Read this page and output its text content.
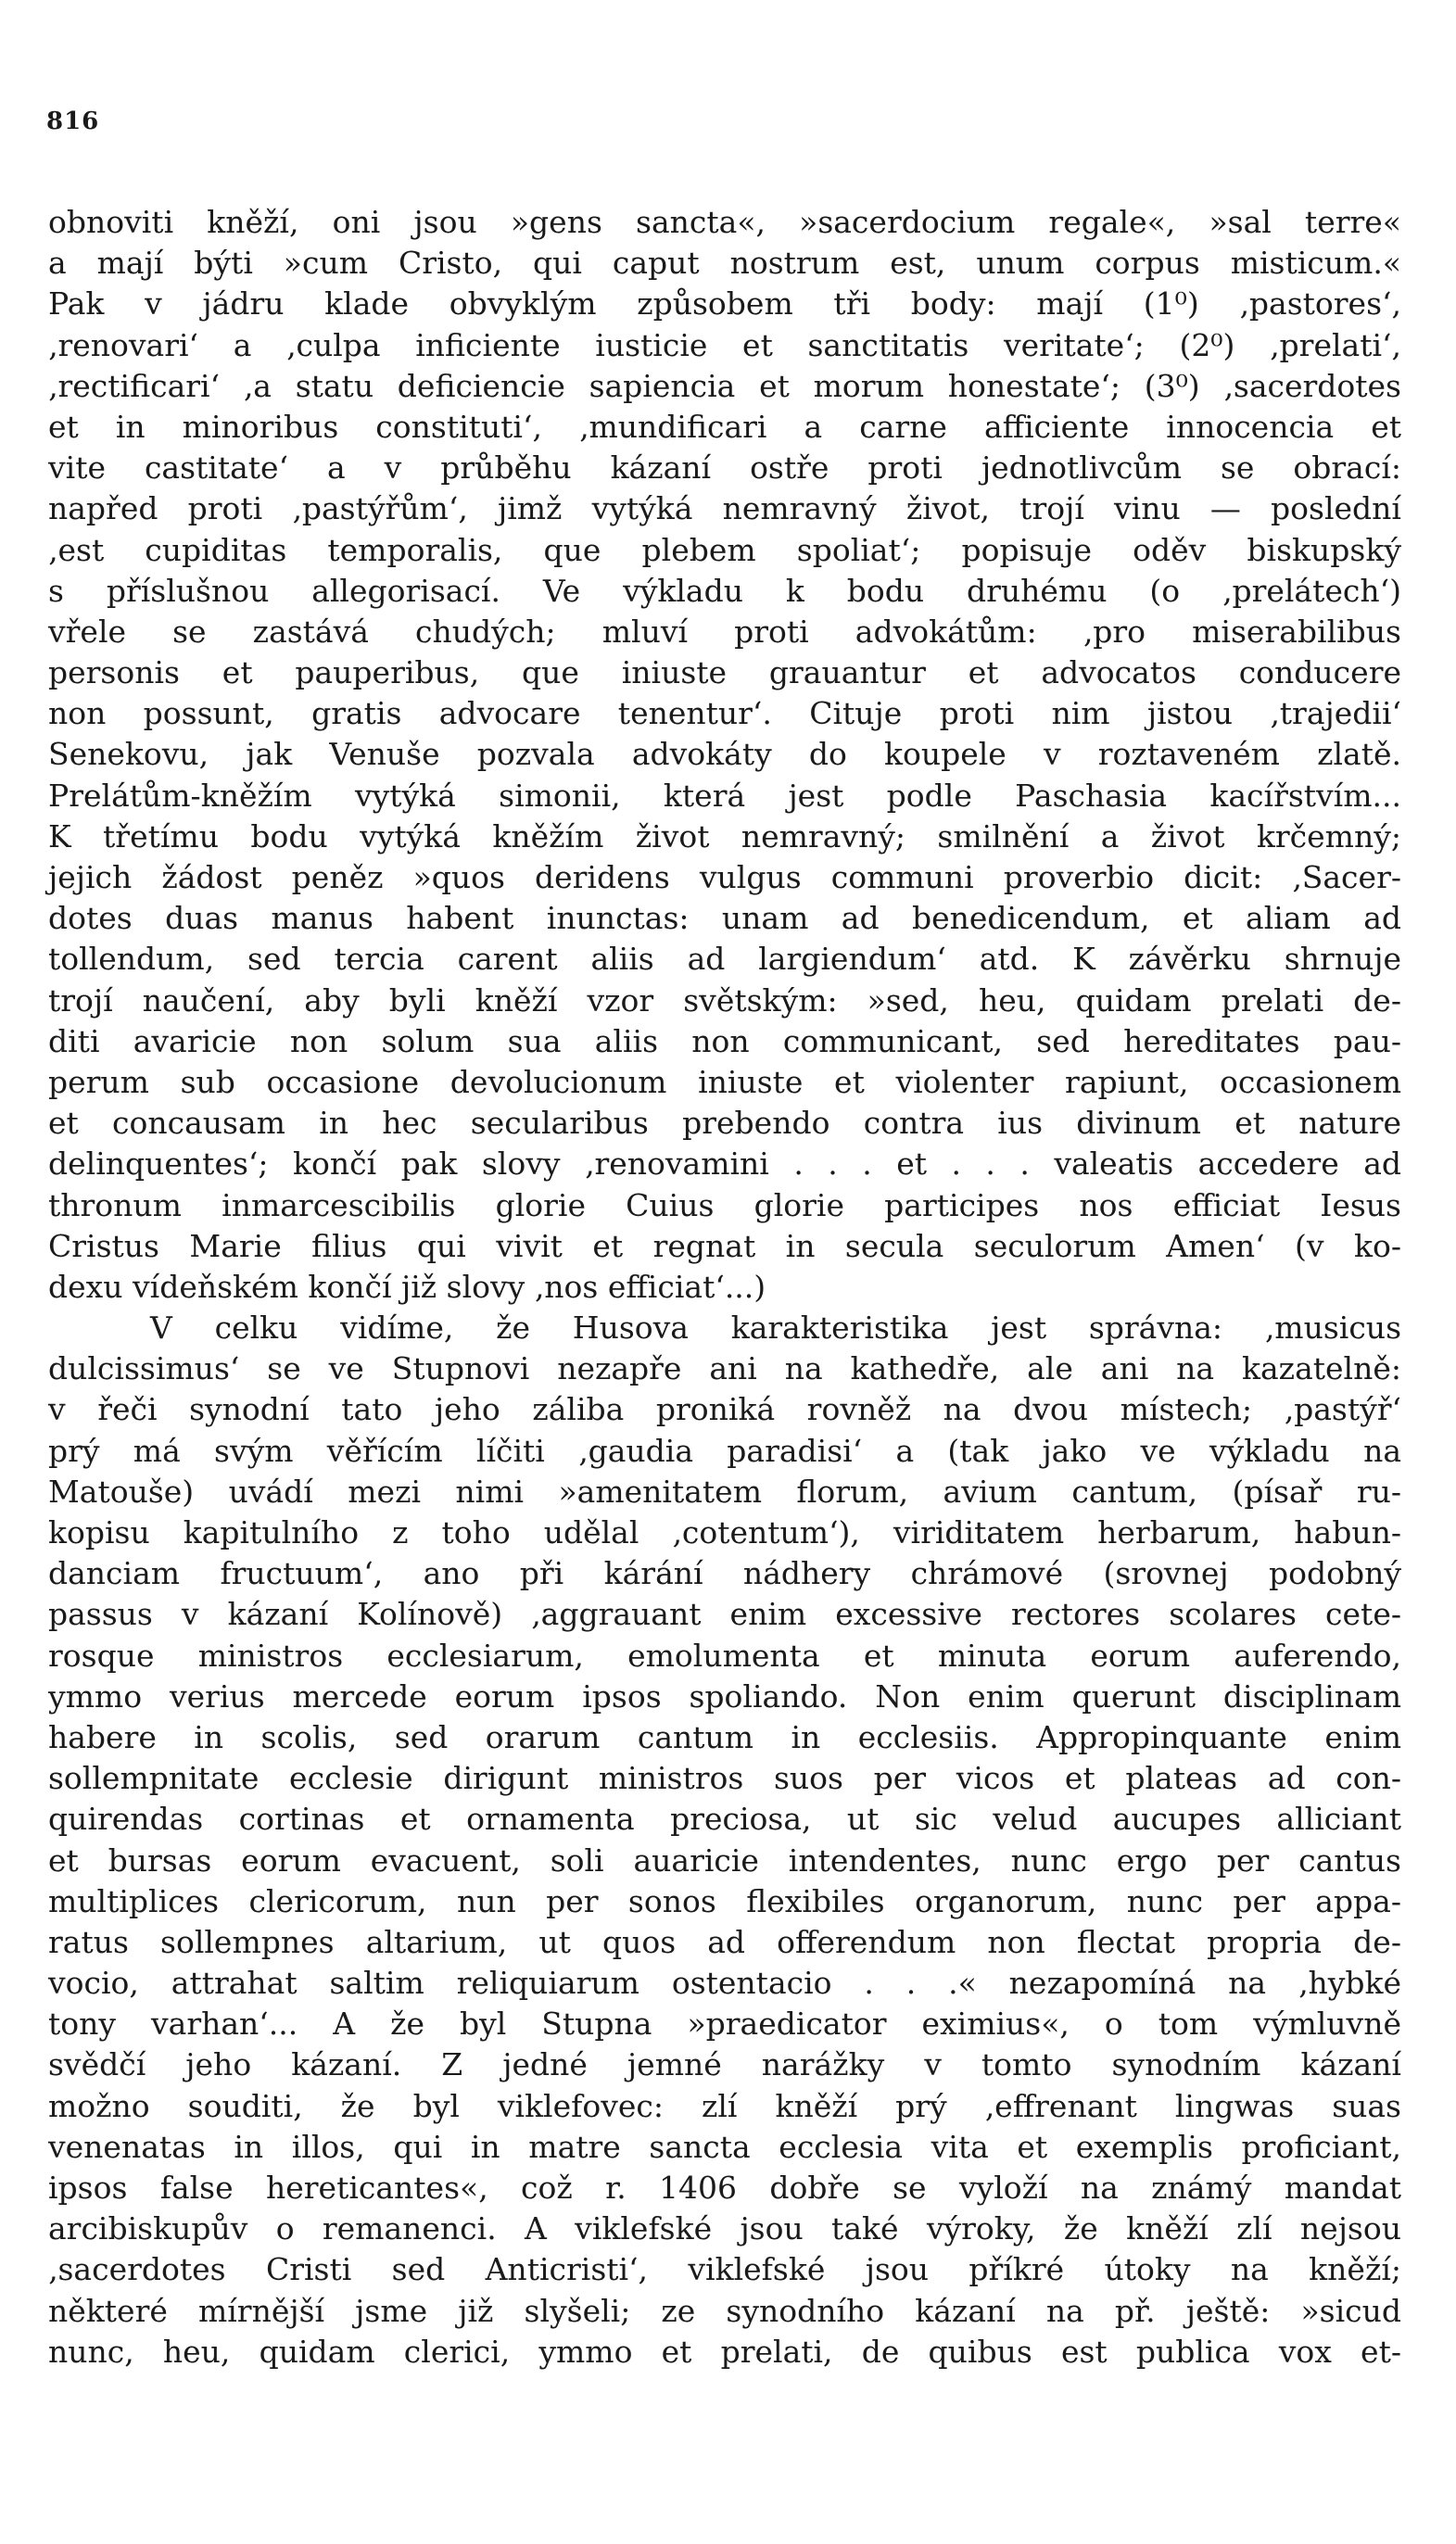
816
obnoviti kněží, oni jsou »gens sancta«, »sacerdocium regale«, »sal terre«
a mají býti »cum Cristo, qui caput nostrum est, unum corpus misticum.«
Pak v jádru klade obvyklým způsobem tři body: mají (1⁰) ‚pastores‘,
‚renovari‘ a ‚culpa inficiente iusticie et sanctitatis veritate‘; (2⁰) ‚prelati‘,
‚rectificari‘ ‚a statu deficiencie sapiencia et morum honestate‘; (3⁰) ‚sacerdotes
et in minoribus constituti‘, ‚mundificari a carne afficiente innocencia et
vite castitate‘ a v průběhu kázaní ostře proti jednotlivcům se obrací:
napřed proti ‚pastýřům‘, jimž vytýká nemravný život, trojí vinu — poslední
‚est cupiditas temporalis, que plebem spoliat‘; popisuje oděv biskupský
s příslušnou allegorisací. Ve výkladu k bodu druhému (o ‚prelátech‘)
vřele se zastává chudých; mluví proti advokátům: ‚pro miserabilibus
personis et pauperibus, que iniuste grauantur et advocatos conducere
non possunt, gratis advocare tenentur‘. Cituje proti nim jistou ‚trajedii‘
Senekovu, jak Venuše pozvala advokáty do koupele v roztaveném zlatě.
Prelátům-kněžím vytýká simonii, která jest podle Paschasia kacířstvím...
K třetímu bodu vytýká kněžím život nemravný; smilnění a život krčemný;
jejich žádost peněz »quos deridens vulgus communi proverbio dicit: ‚Sacer-
dotes duas manus habent inunctas: unam ad benedicendum, et aliam ad
tollendum, sed tercia carent aliis ad largiendum‘ atd. K závěrku shrnuje
trojí naučení, aby byli kněží vzor světským: »sed, heu, quidam prelati de-
diti avaricie non solum sua aliis non communicant, sed hereditates pau-
perum sub occasione devolucionum iniuste et violenter rapiunt, occasionem
et concausam in hec secularibus prebendo contra ius divinum et nature
delinquentes‘; končí pak slovy ‚renovamini . . . et . . . valeatis accedere ad
thronum inmarcescibilis glorie Cuius glorie participes nos efficiat Iesus
Cristus Marie filius qui vivit et regnat in secula seculorum Amen‘ (v ko-
dexu vídeňském končí již slovy ‚nos efficiat‘...)
V celku vidíme, že Husova karakteristika jest správna: ‚musicus
dulcissimus‘ se ve Stupnovi nezapře ani na kathedře, ale ani na kazatelně:
v řeči synodní tato jeho záliba proniká rovněž na dvou místech; ‚pastýř‘
prý má svým věřícím líčiti ‚gaudia paradisi‘ a (tak jako ve výkladu na
Matouše) uvádí mezi nimi »amenitatem florum, avium cantum, (písař ru-
kopisu kapitulního z toho udělal ‚cotentum‘), viriditatem herbarum, habun-
danciam fructuum‘, ano při kárání nádhery chrámové (srovnej podobný
passus v kázaní Kolínově) ‚aggrauant enim excessive rectores scolares cete-
rosque ministros ecclesiarum, emolumenta et minuta eorum auferendo,
ymmo verius mercede eorum ipsos spoliando. Non enim querunt disciplinam
habere in scolis, sed orarum cantum in ecclesiis. Appropinquante enim
sollempnitate ecclesie dirigunt ministros suos per vicos et plateas ad con-
quirendas cortinas et ornamenta preciosa, ut sic velud aucupes alliciant
et bursas eorum evacuent, soli auaricie intendentes, nunc ergo per cantus
multiplices clericorum, nun per sonos flexibiles organorum, nunc per appa-
ratus sollempnes altarium, ut quos ad offerendum non flectat propria de-
vocio, attrahat saltim reliquiarum ostentacio . . .« nezapomíná na ‚hybké
tony varhan‘... A že byl Stupna »praedicator eximius«, o tom výmluvně
svědčí jeho kázaní. Z jedné jemné narážky v tomto synodním kázaní
možno souditi, že byl viklefovec: zlí kněží prý ‚effrenant lingwas suas
venenatas in illos, qui in matre sancta ecclesia vita et exemplis proficiant,
ipsos false hereticantes«, což r. 1406 dobře se vyloží na známý mandat
arcibiskupův o remanenci. A viklefské jsou také výroky, že kněží zlí nejsou
‚sacerdotes Cristi sed Anticristi‘, viklefské jsou příkré útoky na kněží;
některé mírnější jsme již slyšeli; ze synodního kázaní na př. ještě: »sicud
nunc, heu, quidam clerici, ymmo et prelati, de quibus est publica vox et-
